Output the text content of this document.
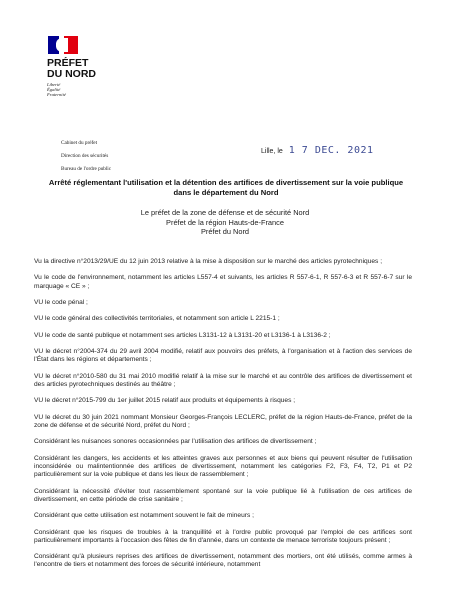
PRÉFET
DU NORD
Liberté
Égalité
Fraternité
Cabinet du préfet
Direction des sécurités
Bureau de l'ordre public
Lille, le 1 7 DEC. 2021
Arrêté réglementant l'utilisation et la détention des artifices de divertissement sur la voie publique dans le département du Nord
Le préfet de la zone de défense et de sécurité Nord
Préfet de la région Hauts-de-France
Préfet du Nord

Vu la directive n°2013/29/UE du 12 juin 2013 relative à la mise à disposition sur le marché des articles pyrotechniques ;

Vu le code de l'environnement, notamment les articles L557-4 et suivants, les articles R 557-6-1, R 557-6-3 et R 557-6-7 sur le marquage « CE » ;

VU le code pénal ;

VU le code général des collectivités territoriales, et notamment son article L 2215-1 ;

VU le code de santé publique et notamment ses articles L3131-12 à L3131-20 et L3136-1 à L3136-2 ;

VU le décret n°2004-374 du 29 avril 2004 modifié, relatif aux pouvoirs des préfets, à l'organisation et à l'action des services de l'État dans les régions et départements ;

VU le décret n°2010-580 du 31 mai 2010 modifié relatif à la mise sur le marché et au contrôle des artifices de divertissement et des articles pyrotechniques destinés au théâtre ;

VU le décret n°2015-799 du 1er juillet 2015 relatif aux produits et équipements à risques ;

VU le décret du 30 juin 2021 nommant Monsieur Georges-François LECLERC, préfet de la région Hauts-de-France, préfet de la zone de défense et de sécurité Nord, préfet du Nord ;

Considérant les nuisances sonores occasionnées par l'utilisation des artifices de divertissement ;

Considérant les dangers, les accidents et les atteintes graves aux personnes et aux biens qui peuvent résulter de l'utilisation inconsidérée ou malintentionnée des artifices de divertissement, notamment les catégories F2, F3, F4, T2, P1 et P2 particulièrement sur la voie publique et dans les lieux de rassemblement ;

Considérant la nécessité d'éviter tout rassemblement spontané sur la voie publique lié à l'utilisation de ces artifices de divertissement, en cette période de crise sanitaire ;

Considérant que cette utilisation est notamment souvent le fait de mineurs ;

Considérant que les risques de troubles à la tranquillité et à l'ordre public provoqué par l'emploi de ces artifices sont particulièrement importants à l'occasion des fêtes de fin d'année, dans un contexte de menace terroriste toujours présent ;

Considérant qu'à plusieurs reprises des artifices de divertissement, notamment des mortiers, ont été utilisés, comme armes à l'encontre de tiers et notamment des forces de sécurité intérieure, notamment
